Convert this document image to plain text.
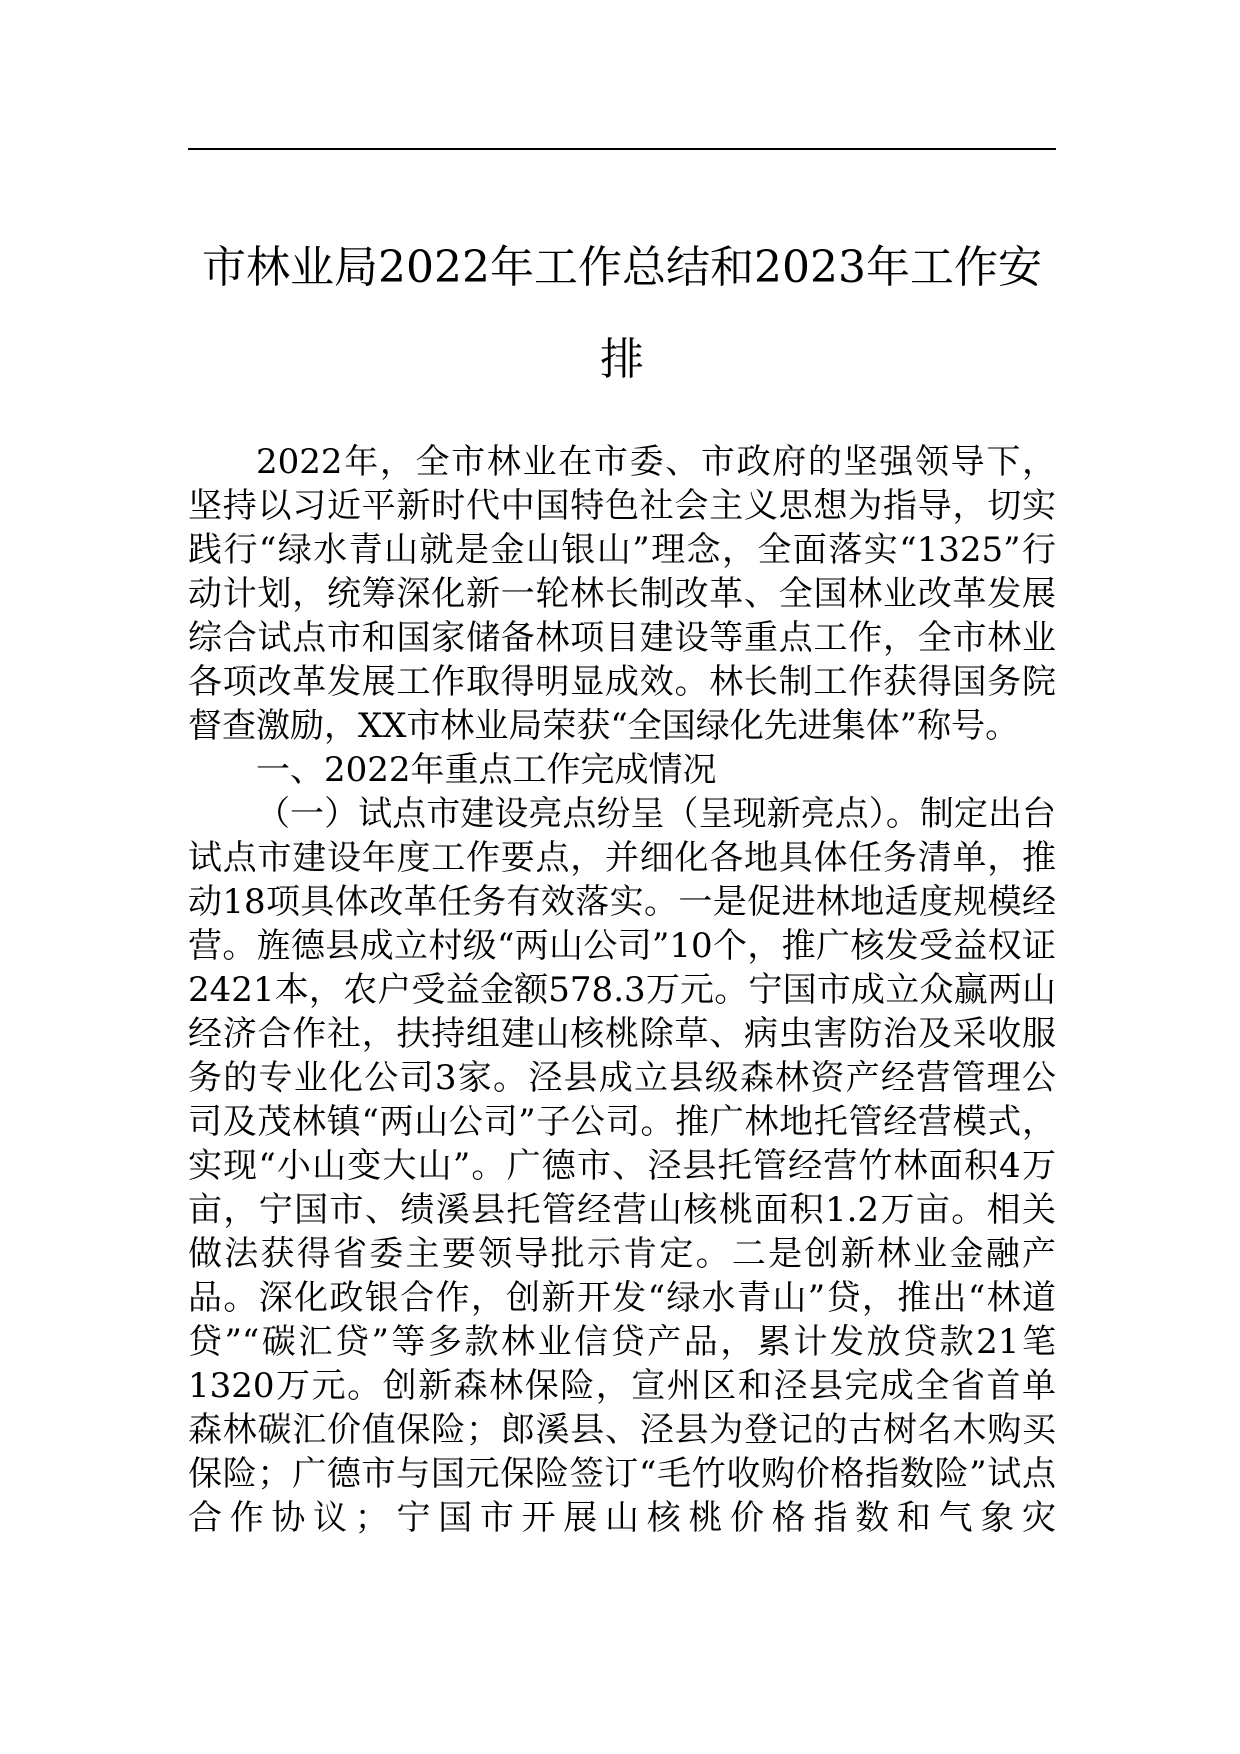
市林业局2022年工作总结和2023年工作安排

2022年，全市林业在市委、市政府的坚强领导下，坚持以习近平新时代中国特色社会主义思想为指导，切实践行“绿水青山就是金山银山”理念，全面落实“1325”行动计划，统筹深化新一轮林长制改革、全国林业改革发展综合试点市和国家储备林项目建设等重点工作，全市林业各项改革发展工作取得明显成效。林长制工作获得国务院督查激励，XX市林业局荣获“全国绿化先进集体”称号。

一、2022年重点工作完成情况

（一）试点市建设亮点纷呈（呈现新亮点）。制定出台试点市建设年度工作要点，并细化各地具体任务清单，推动18项具体改革任务有效落实。一是促进林地适度规模经营。旌德县成立村级“两山公司”10个，推广核发受益权证2421本，农户受益金额578.3万元。宁国市成立众赢两山经济合作社，扶持组建山核桃除草、病虫害防治及采收服务的专业化公司3家。泾县成立县级森林资产经营管理公司及茂林镇“两山公司”子公司。推广林地托管经营模式，实现“小山变大山”。广德市、泾县托管经营竹林面积4万亩，宁国市、绩溪县托管经营山核桃面积1.2万亩。相关做法获得省委主要领导批示肯定。二是创新林业金融产品。深化政银合作，创新开发“绿水青山”贷，推出“林道贷”“碳汇贷”等多款林业信贷产品，累计发放贷款21笔1320万元。创新森林保险，宣州区和泾县完成全省首单森林碳汇价值保险；郎溪县、泾县为登记的古树名木购买保险；广德市与国元保险签订“毛竹收购价格指数险”试点合作协议；宁国市开展山核桃价格指数和气象灾
